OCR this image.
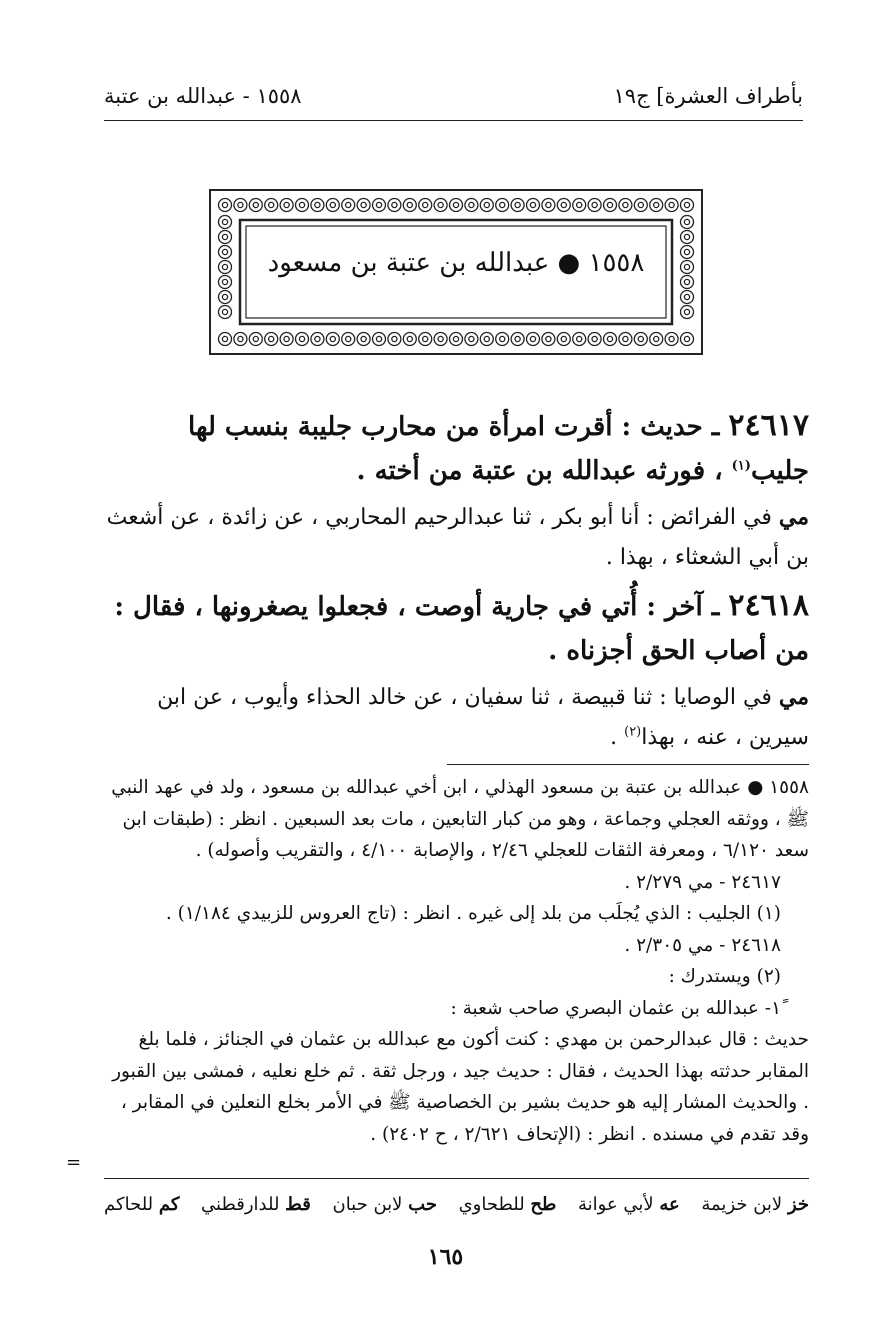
بأطراف العشرة] ج١٩
١٥٥٨ - عبدالله بن عتبة
١٥٥٨ ● عبدالله بن عتبة بن مسعود

٢٤٦١٧ ـ حديث : أقرت امرأة من محارب جليبة بنسب لها جليب$^{(١)}$ ، فورثه عبدالله بن عتبة من أخته .

مي في الفرائض : أنا أبو بكر ، ثنا عبدالرحيم المحاربي ، عن زائدة ، عن أشعث بن أبي الشعثاء ، بهذا .

٢٤٦١٨ ـ آخر : أُتي في جارية أوصت ، فجعلوا يصغرونها ، فقال : من أصاب الحق أجزناه .

مي في الوصايا : ثنا قبيصة ، ثنا سفيان ، عن خالد الحذاء وأيوب ، عن ابن سيرين ، عنه ، بهذا$^{(٢)}$ .

١٥٥٨ ● عبدالله بن عتبة بن مسعود الهذلي ، ابن أخي عبدالله بن مسعود ، ولد في عهد النبي ﷺ ، ووثقه العجلي وجماعة ، وهو من كبار التابعين ، مات بعد السبعين . انظر : (طبقات ابن سعد ٦/١٢٠ ، ومعرفة الثقات للعجلي ٢/٤٦ ، والإصابة ٤/١٠٠ ، والتقريب وأصوله) .

٢٤٦١٧ - مي ٢/٢٧٩ .

(١) الجليب : الذي يُجلَب من بلد إلى غيره . انظر : (تاج العروس للزبيدي ١/١٨٤) .

٢٤٦١٨ - مي ٢/٣٠٥ .

(٢) ويستدرك :

١ً- عبدالله بن عثمان البصري صاحب شعبة :

حديث : قال عبدالرحمن بن مهدي : كنت أكون مع عبدالله بن عثمان في الجنائز ، فلما بلغ المقابر حدثته بهذا الحديث ، فقال : حديث جيد ، ورجل ثقة . ثم خلع نعليه ، فمشى بين القبور . والحديث المشار إليه هو حديث بشير بن الخصاصية ﷺ في الأمر بخلع النعلين في المقابر ، وقد تقدم في مسنده . انظر : (الإتحاف ٢/٦٢١ ، ح ٢٤٠٢) .

=
خز لابن خزيمة
عه لأبي عوانة
طح للطحاوي
حب لابن حبان
قط للدارقطني
كم للحاكم
١٦٥
